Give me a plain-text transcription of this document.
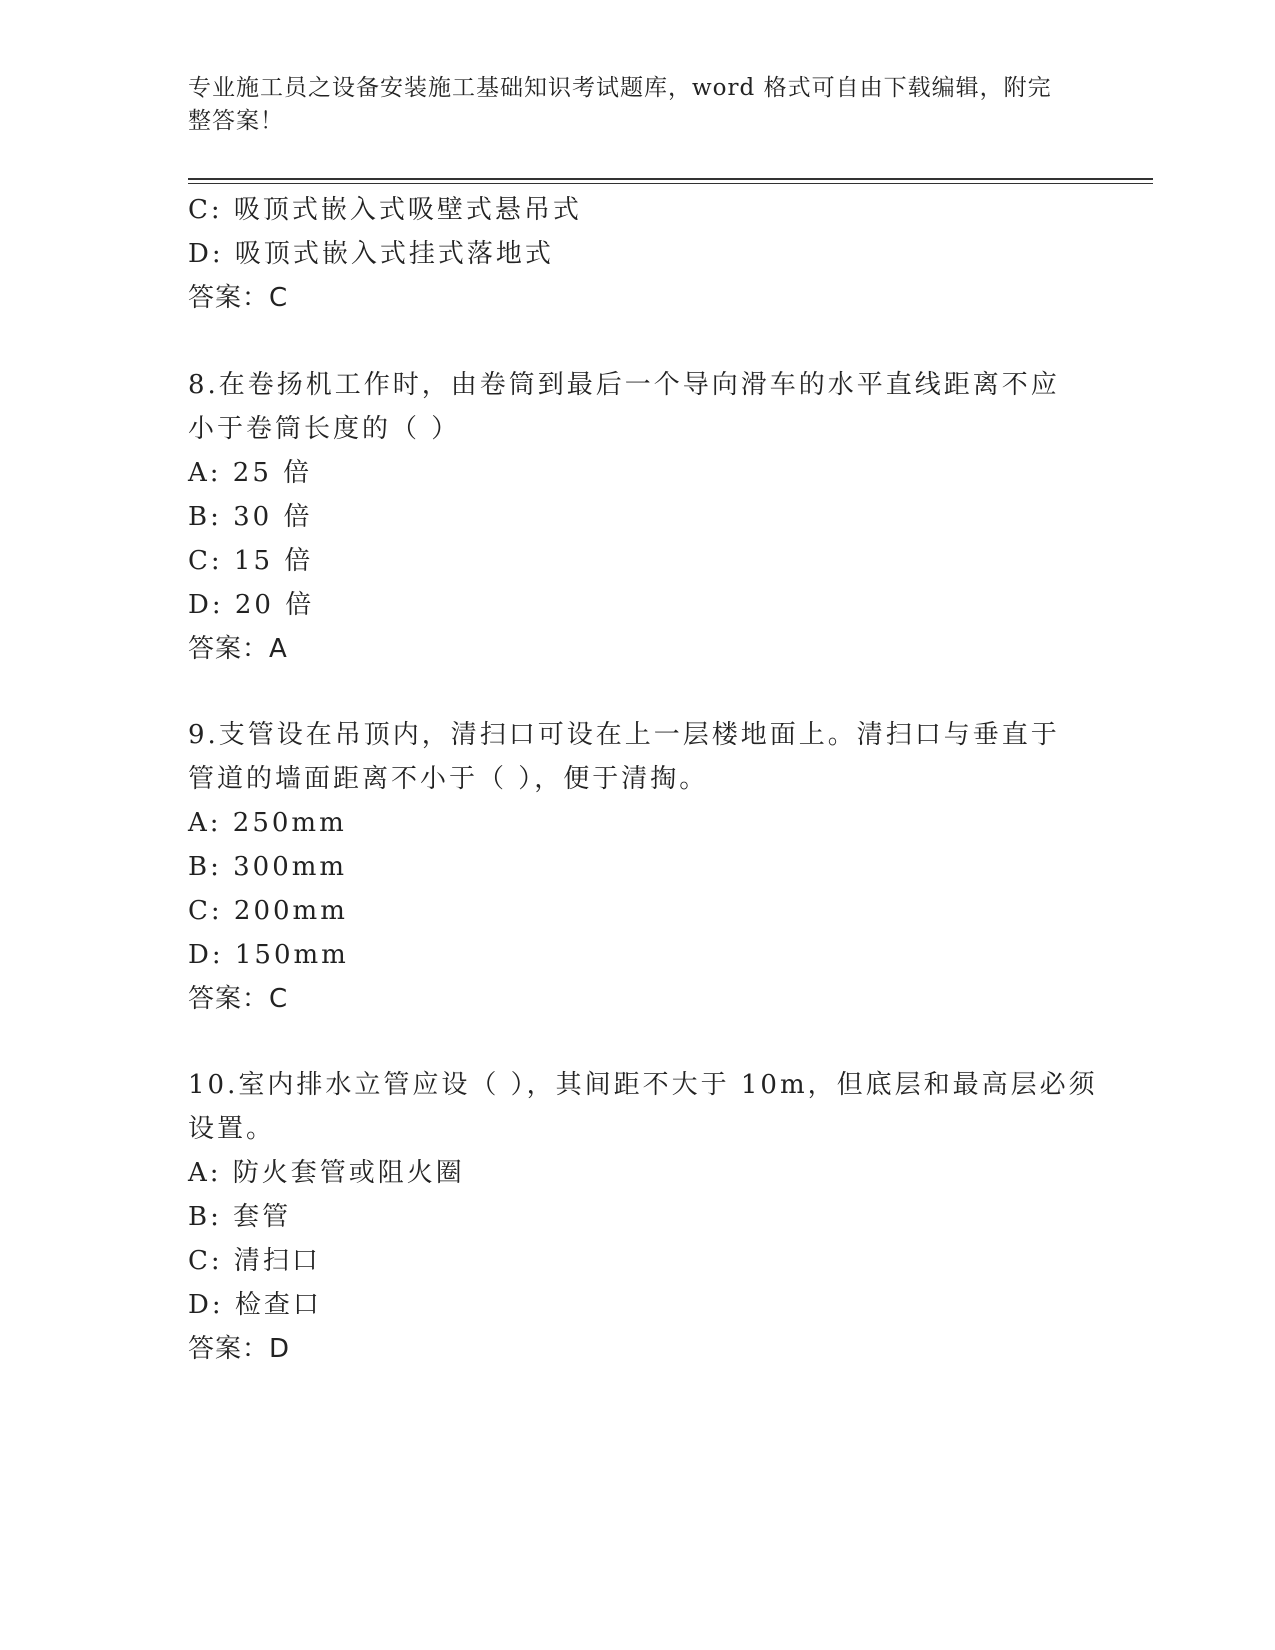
专业施工员之设备安装施工基础知识考试题库，word 格式可自由下载编辑，附完
整答案！
C: 吸顶式嵌入式吸壁式悬吊式
D: 吸顶式嵌入式挂式落地式
答案：C
8.在卷扬机工作时，由卷筒到最后一个导向滑车的水平直线距离不应
小于卷筒长度的（ ）
A: 25 倍
B: 30 倍
C: 15 倍
D: 20 倍
答案：A
9.支管设在吊顶内，清扫口可设在上一层楼地面上。清扫口与垂直于
管道的墙面距离不小于（ ），便于清掏。
A: 250mm
B: 300mm
C: 200mm
D: 150mm
答案：C
10.室内排水立管应设（ ），其间距不大于 10m，但底层和最高层必须
设置。
A: 防火套管或阻火圈
B: 套管
C: 清扫口
D: 检查口
答案：D
